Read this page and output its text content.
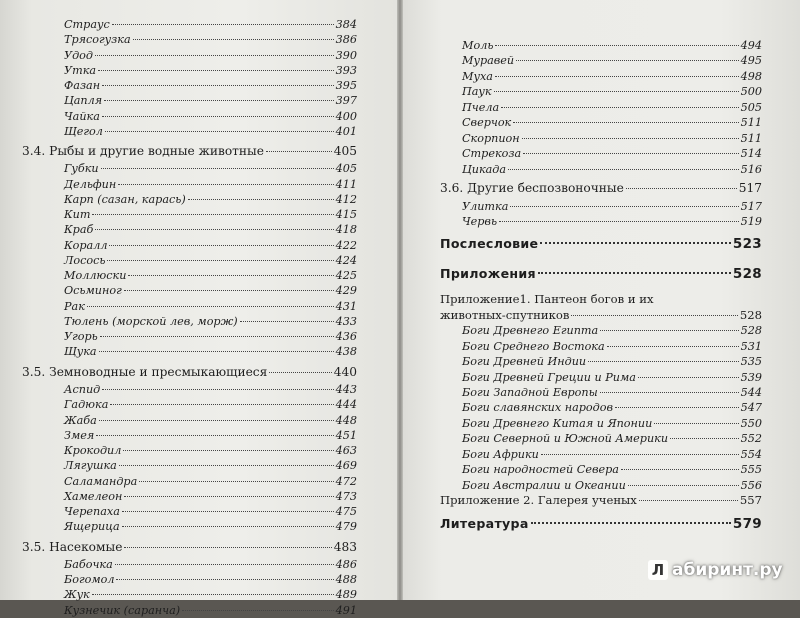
Страус	384
Трясогузка	386
Удод	390
Утка	393
Фазан	395
Цапля	397
Чайка	400
Щегол	401
3.4. Рыбы и другие водные животные	405
Губки	405
Дельфин	411
Карп (сазан, карась)	412
Кит	415
Краб	418
Коралл	422
Лосось	424
Моллюски	425
Осьминог	429
Рак	431
Тюлень (морской лев, морж)	433
Угорь	436
Щука	438
3.5. Земноводные и пресмыкающиеся	440
Аспид	443
Гадюка	444
Жаба	448
Змея	451
Крокодил	463
Лягушка	469
Саламандра	472
Хамелеон	473
Черепаха	475
Ящерица	479
3.5. Насекомые	483
Бабочка	486
Богомол	488
Жук	489
Кузнечик (саранча)	491
Моль	494
Муравей	495
Муха	498
Паук	500
Пчела	505
Сверчок	511
Скорпион	511
Стрекоза	514
Цикада	516
3.6. Другие беспозвоночные	517
Улитка	517
Червь	519
Послесловие	523
Приложения	528
Приложение1. Пантеон богов и их
животных-спутников	528
Боги Древнего Египта	528
Боги Среднего Востока	531
Боги Древней Индии	535
Боги Древней Греции и Рима	539
Боги Западной Европы	544
Боги славянских народов	547
Боги Древнего Китая и Японии	550
Боги Северной и Южной Америки	552
Боги Африки	554
Боги народностей Севера	555
Боги Австралии и Океании	556
Приложение 2. Галерея ученых	557
Литература	579
Л абиринт.ру
